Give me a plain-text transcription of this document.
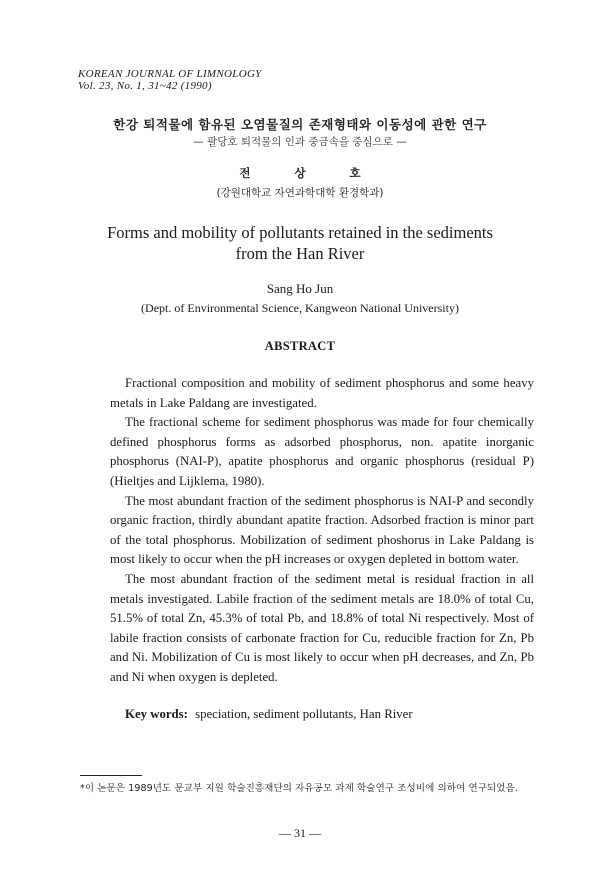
KOREAN JOURNAL OF LIMNOLOGY
Vol. 23, No. 1, 31~42 (1990)
한강 퇴적물에 함유된 오염물질의 존재형태와 이동성에 관한 연구
— 팔당호 퇴적물의 인과 중금속을 중심으로 —
전 상 호
(강원대학교 자연과학대학 환경학과)
Forms and mobility of pollutants retained in the sediments
from the Han River
Sang Ho Jun
(Dept. of Environmental Science, Kangweon National University)
ABSTRACT

Fractional composition and mobility of sediment phosphorus and some heavy metals in Lake Paldang are investigated.

The fractional scheme for sediment phosphorus was made for four chemically defined phosphorus forms as adsorbed phosphorus, non. apatite inorganic phosphorus (NAI-P), apatite phosphorus and organic phosphorus (residual P) (Hieltjes and Lijklema, 1980).

The most abundant fraction of the sediment phosphorus is NAI-P and secondly organic fraction, thirdly abundant apatite fraction. Adsorbed fraction is minor part of the total phosphorus. Mobilization of sediment phoshorus in Lake Paldang is most likely to occur when the pH increases or oxygen depleted in bottom water.

The most abundant fraction of the sediment metal is residual fraction in all metals investigated. Labile fraction of the sediment metals are 18.0% of total Cu, 51.5% of total Zn, 45.3% of total Pb, and 18.8% of total Ni respectively. Most of labile fraction consists of carbonate fraction for Cu, reducible fraction for Zn, Pb and Ni. Mobilization of Cu is most likely to occur when pH decreases, and Zn, Pb and Ni when oxygen is depleted.

Key words: speciation, sediment pollutants, Han River
*이 논문은 1989년도 문교부 지원 학술진흥재단의 자유공모 과제 학술연구 조성비에 의하여 연구되었음.
— 31 —
